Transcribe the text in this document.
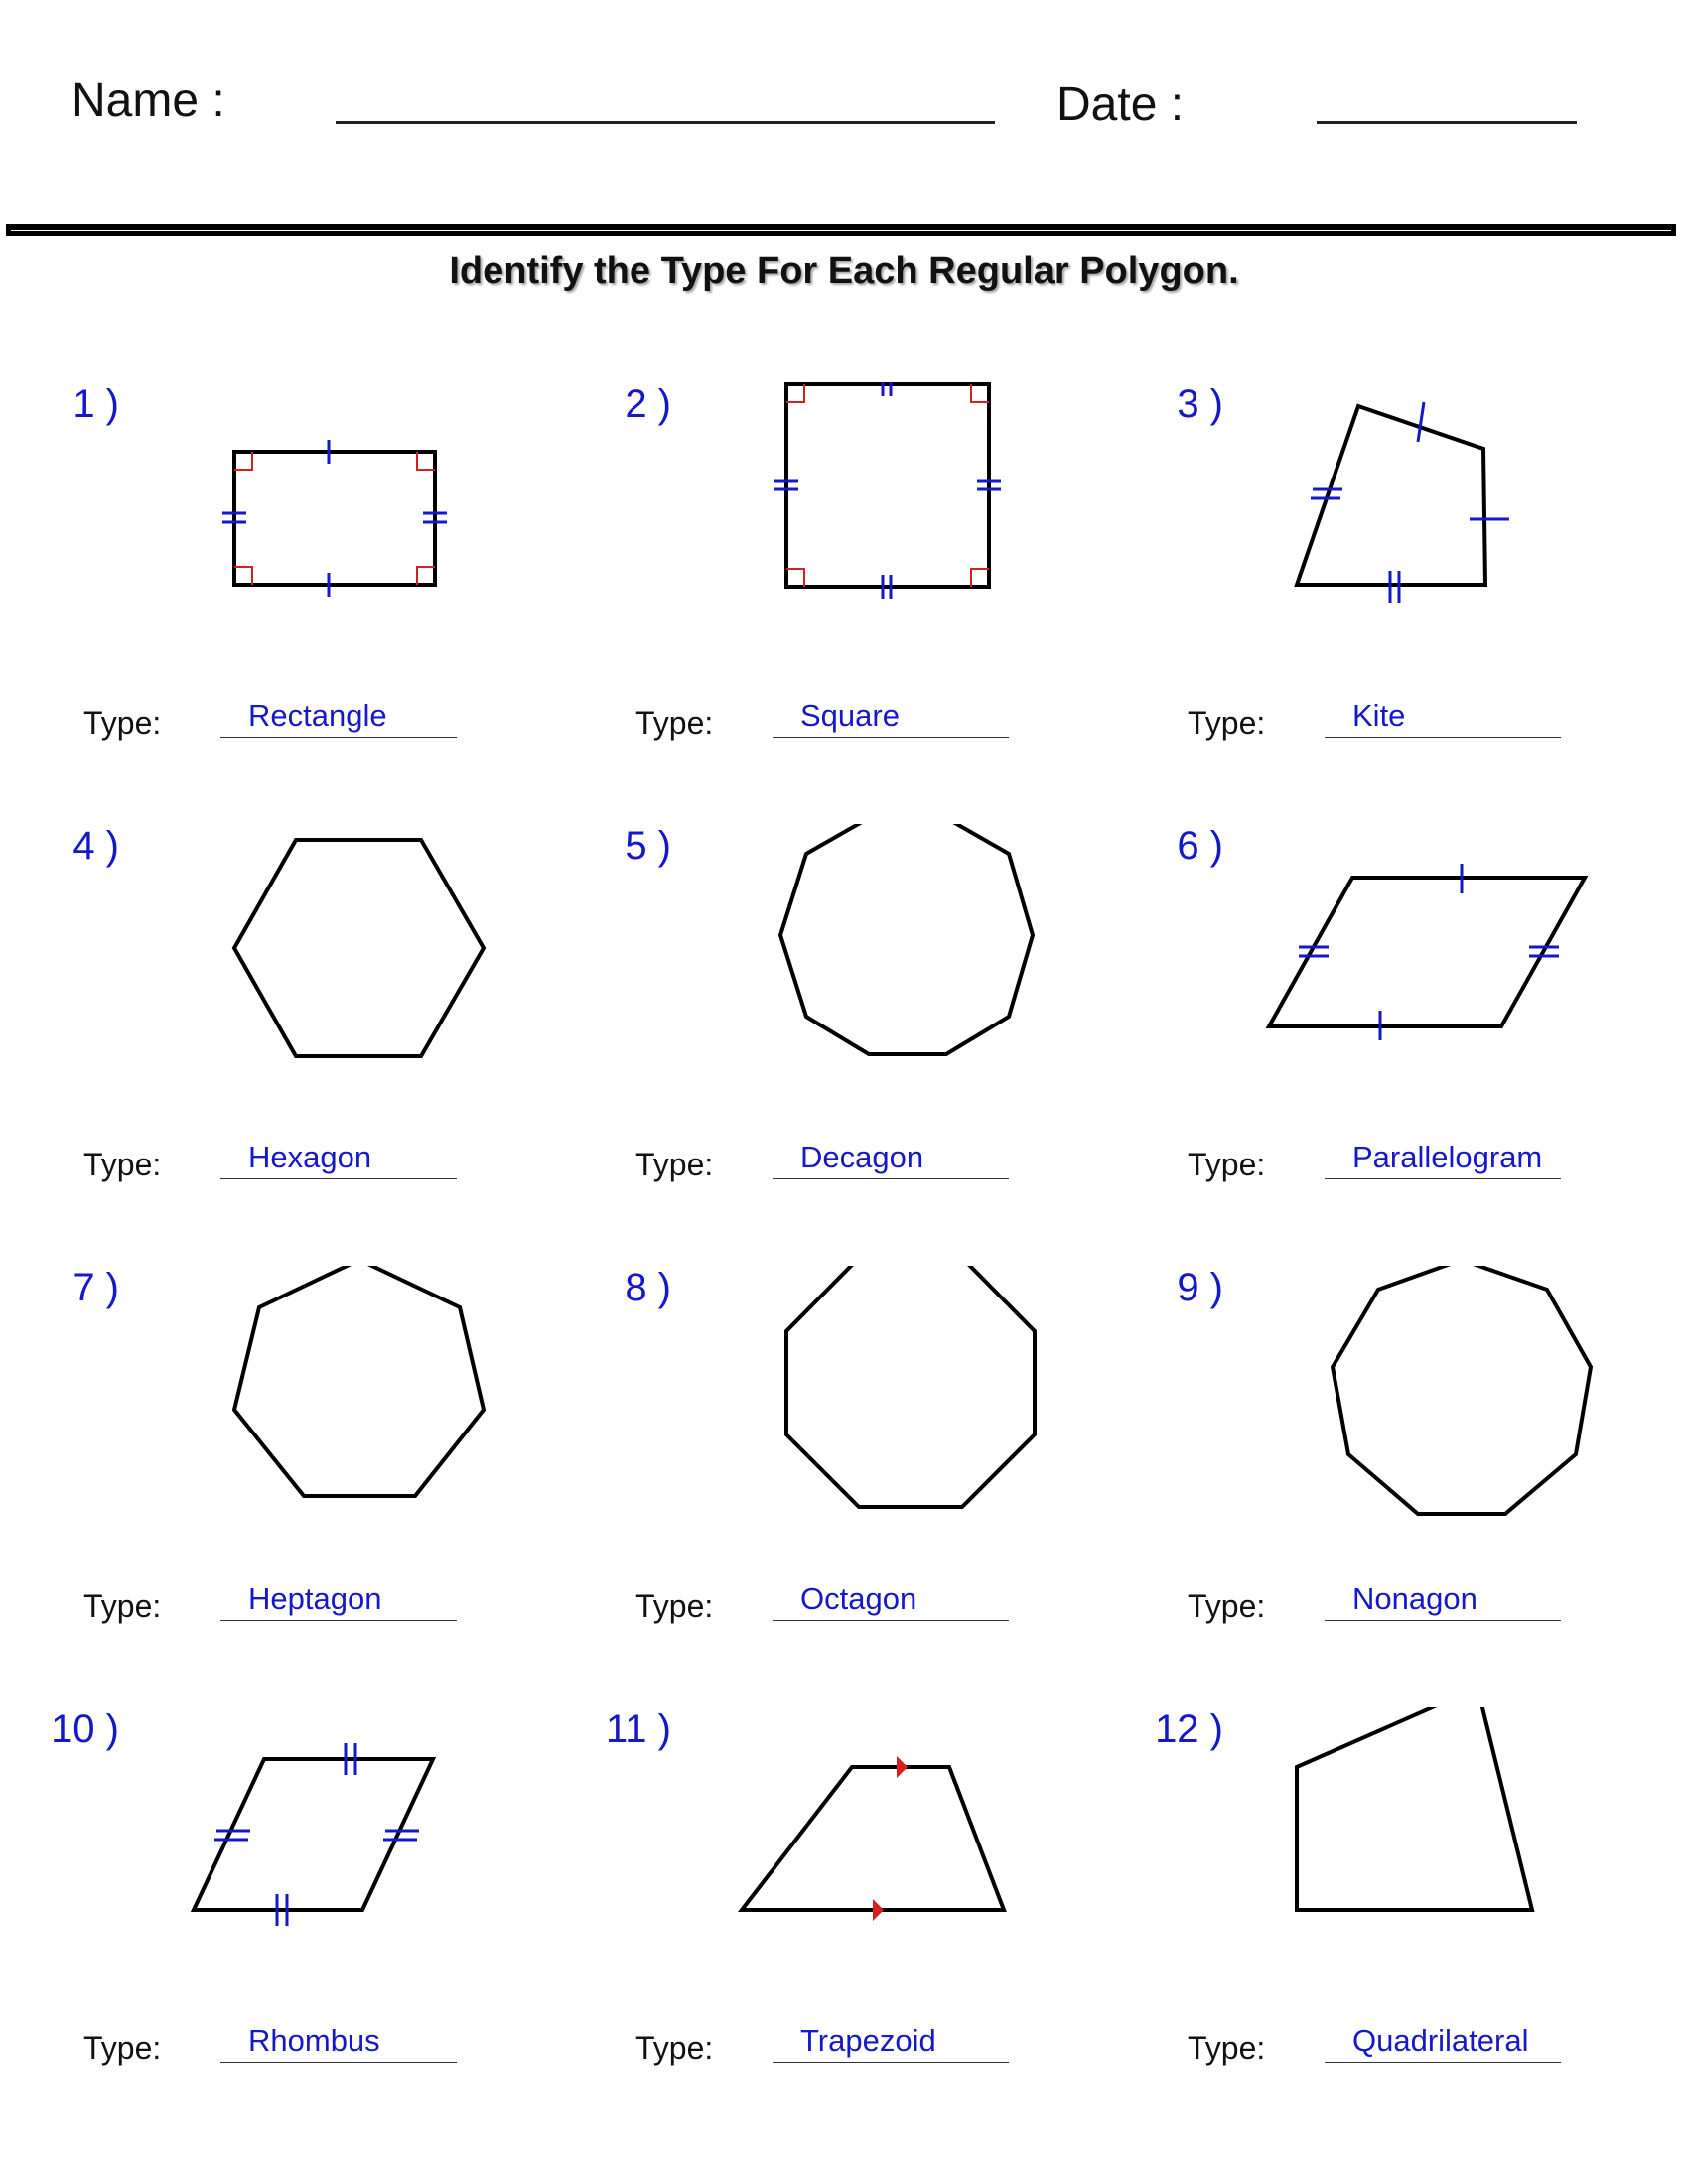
Name :	Date :
Identify the Type For Each Regular Polygon.
1 )
Type:	Rectangle
2 )
Type:	Square
3 )
Type:	Kite
4 )
Type:	Hexagon
5 )
Type:	Decagon
6 )
Type:	Parallelogram
7 )
Type:	Heptagon
8 )
Type:	Octagon
9 )
Type:	Nonagon
10 )
Type:	Rhombus
11 )
Type:	Trapezoid
12 )
Type:	Quadrilateral
